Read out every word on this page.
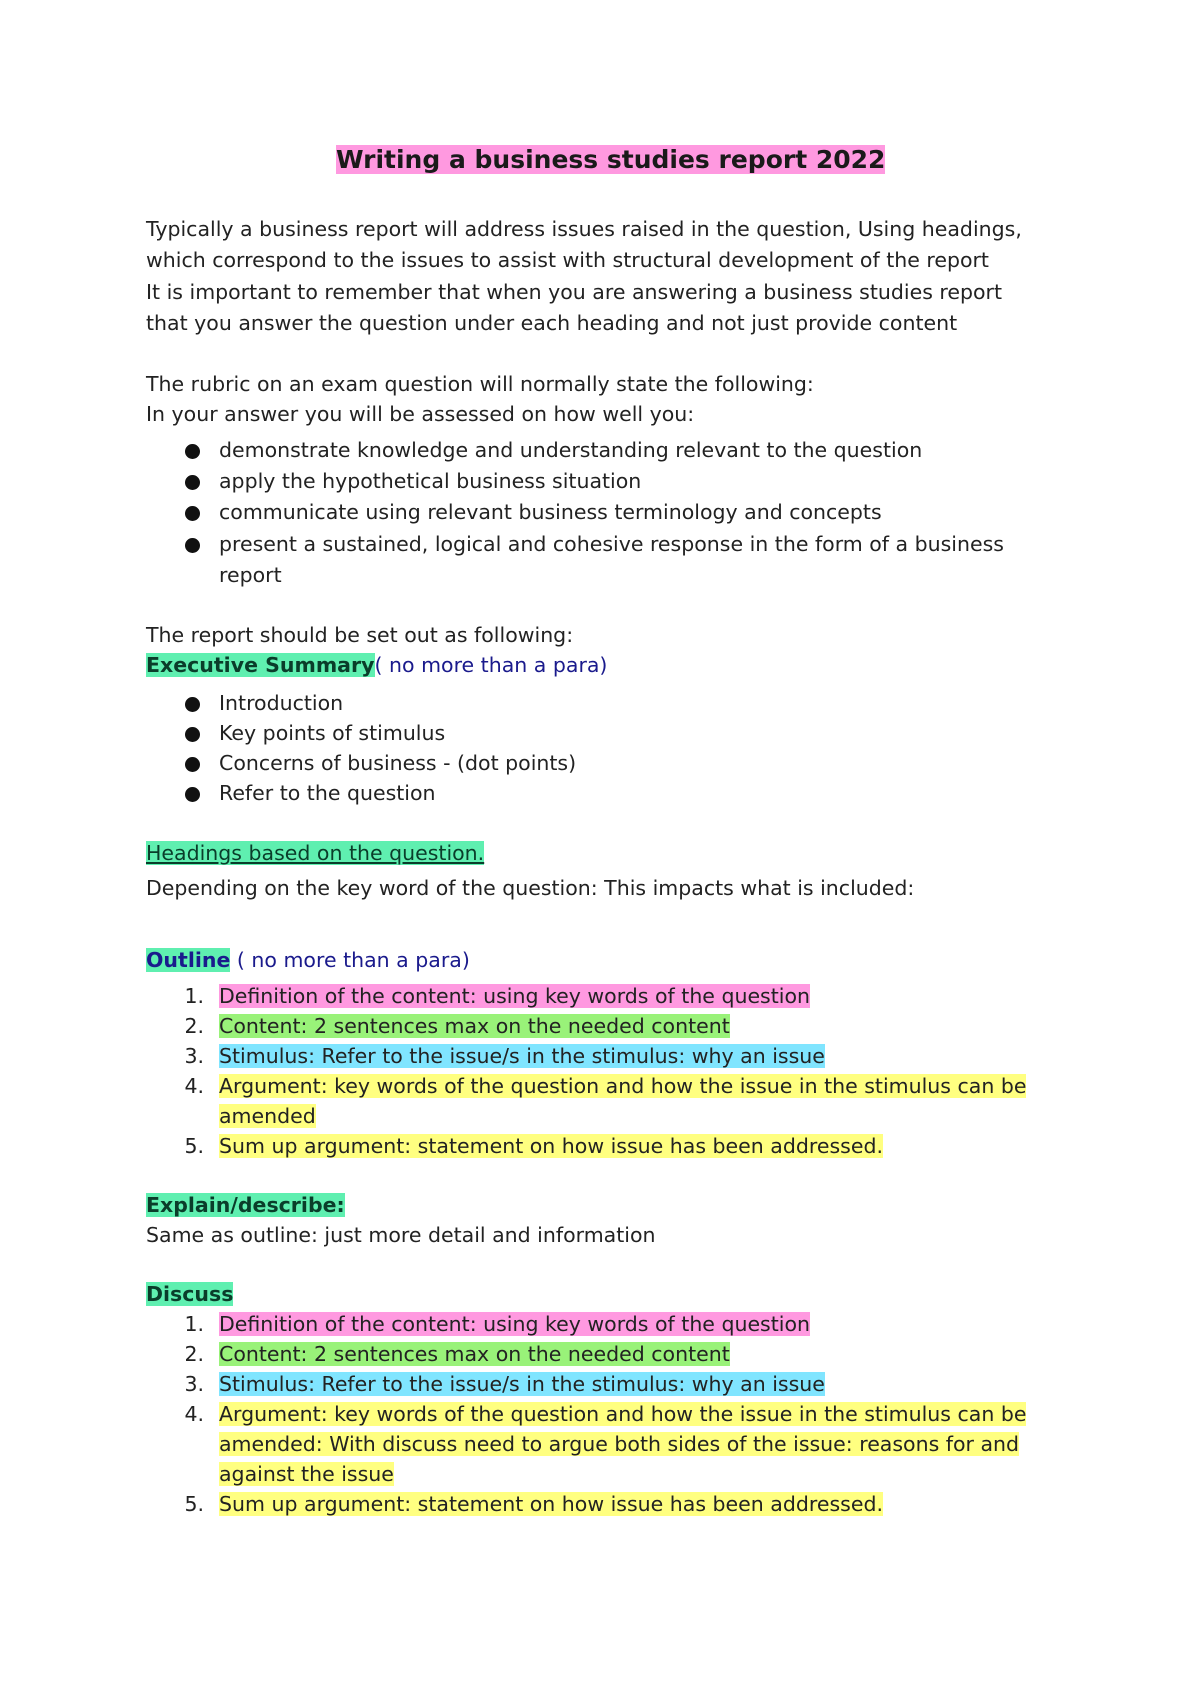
Writing a business studies report 2022
Typically a business report will address issues raised in the question, Using headings,
which correspond to the issues to assist with structural development of the report
It is important to remember that when you are answering a business studies report
that you answer the question under each heading and not just provide content
The rubric on an exam question will normally state the following:
In your answer you will be assessed on how well you:
demonstrate knowledge and understanding relevant to the question
apply the hypothetical business situation
communicate using relevant business terminology and concepts
present a sustained, logical and cohesive response in the form of a business
report
The report should be set out as following:
Executive Summary( no more than a para)
Introduction
Key points of stimulus
Concerns of business - (dot points)
Refer to the question
Headings based on the question.
Depending on the key word of the question: This impacts what is included:
Outline ( no more than a para)
1. Definition of the content: using key words of the question
2. Content: 2 sentences max on the needed content
3. Stimulus: Refer to the issue/s in the stimulus: why an issue
4. Argument: key words of the question and how the issue in the stimulus can be
amended
5. Sum up argument: statement on how issue has been addressed.
Explain/describe:
Same as outline: just more detail and information
Discuss
1. Definition of the content: using key words of the question
2. Content: 2 sentences max on the needed content
3. Stimulus: Refer to the issue/s in the stimulus: why an issue
4. Argument: key words of the question and how the issue in the stimulus can be
amended: With discuss need to argue both sides of the issue: reasons for and
against the issue
5. Sum up argument: statement on how issue has been addressed.
